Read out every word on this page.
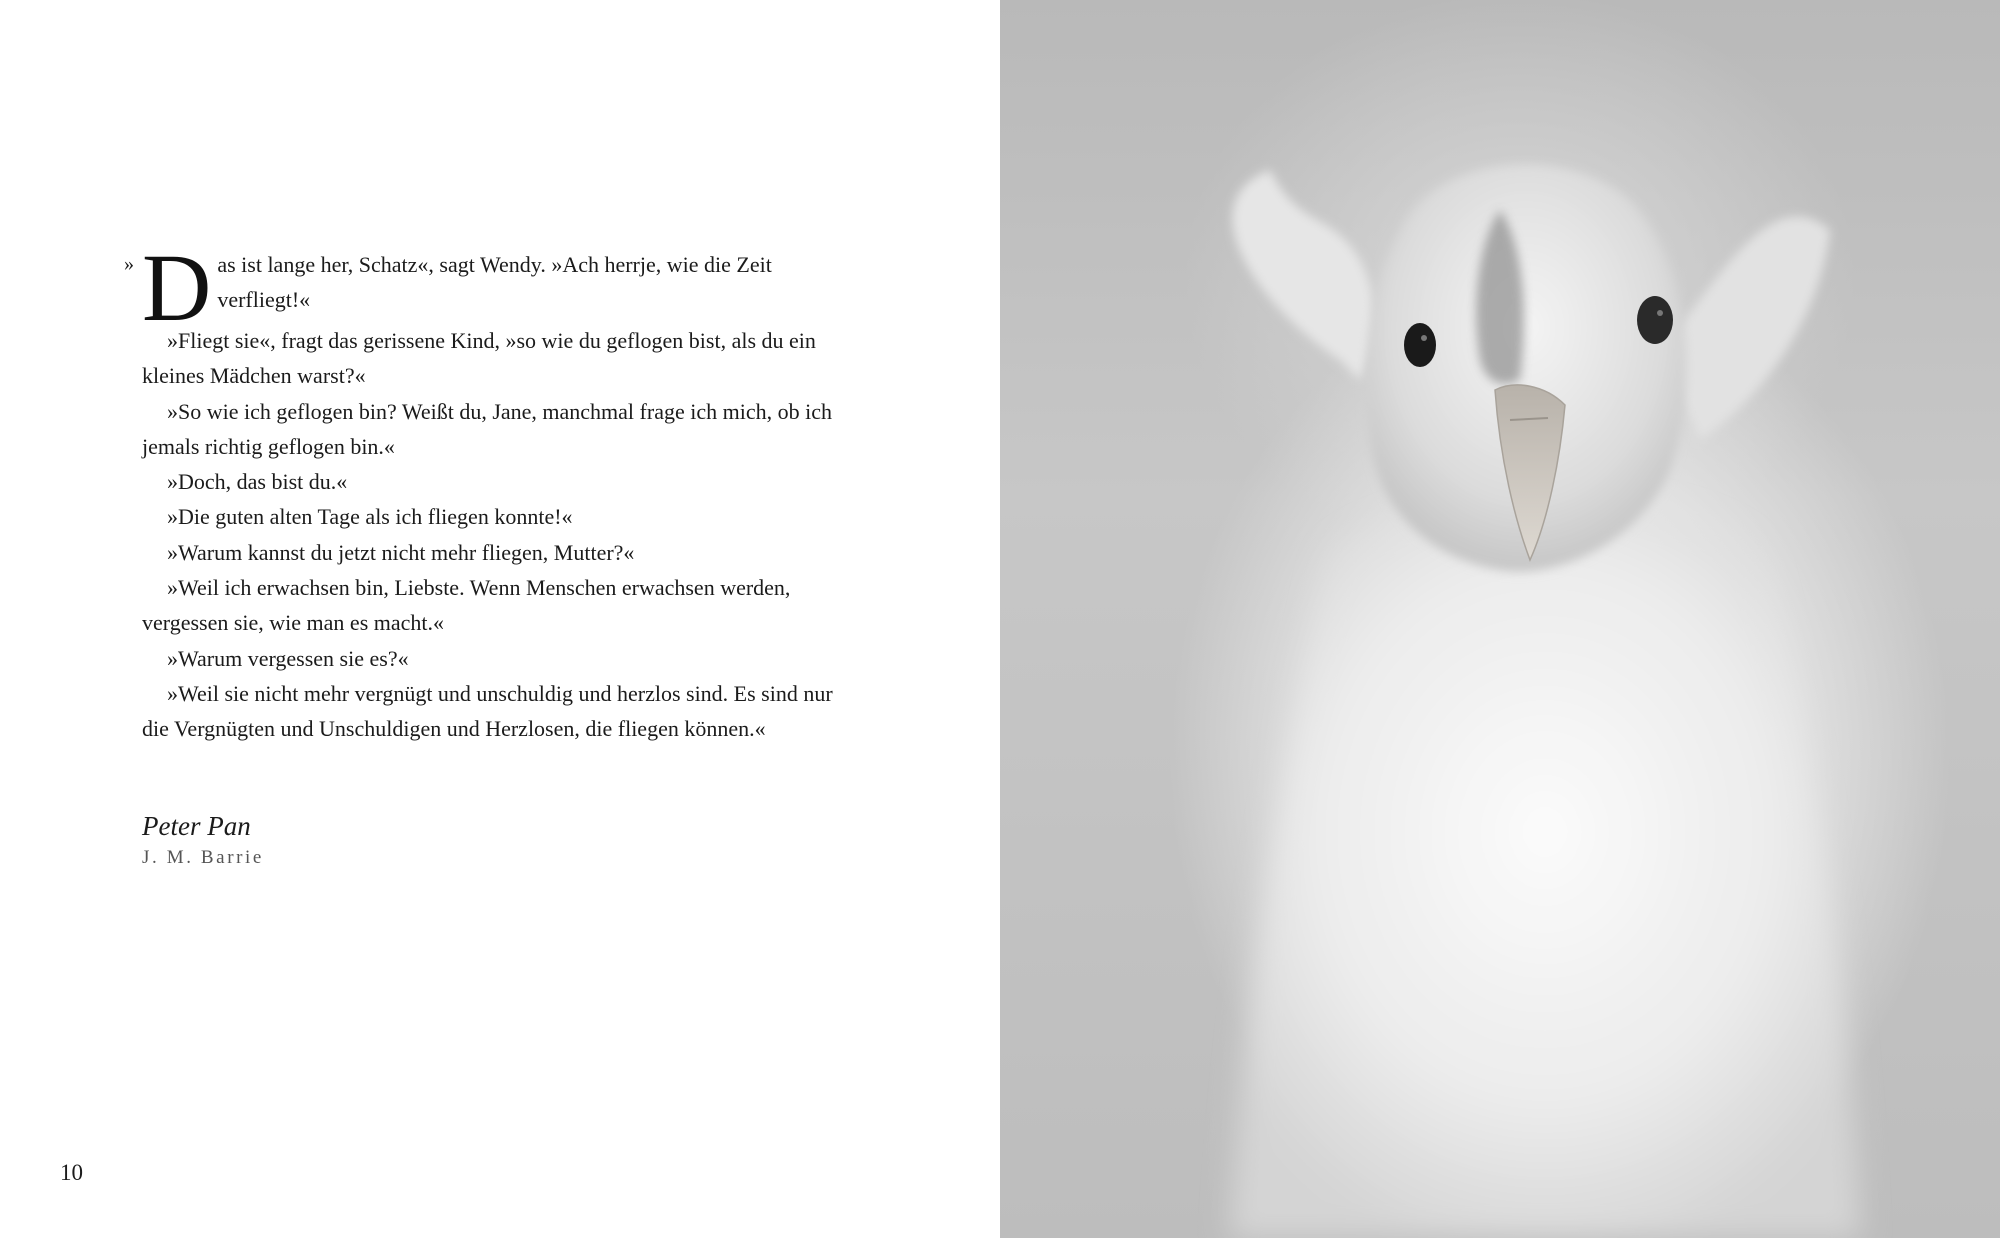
» D as ist lange her, Schatz«, sagt Wendy. »Ach herrje, wie die Zeit verfliegt!«

»Fliegt sie«, fragt das gerissene Kind, »so wie du geflogen bist, als du ein kleines Mädchen warst?«

»So wie ich geflogen bin? Weißt du, Jane, manchmal frage ich mich, ob ich jemals richtig geflogen bin.«

»Doch, das bist du.«

»Die guten alten Tage als ich fliegen konnte!«

»Warum kannst du jetzt nicht mehr fliegen, Mutter?«

»Weil ich erwachsen bin, Liebste. Wenn Menschen erwachsen werden, vergessen sie, wie man es macht.«

»Warum vergessen sie es?«

»Weil sie nicht mehr vergnügt und unschuldig und herzlos sind. Es sind nur die Vergnügten und Unschuldigen und Herzlosen, die fliegen können.«

Peter Pan
J. M. Barrie
10
